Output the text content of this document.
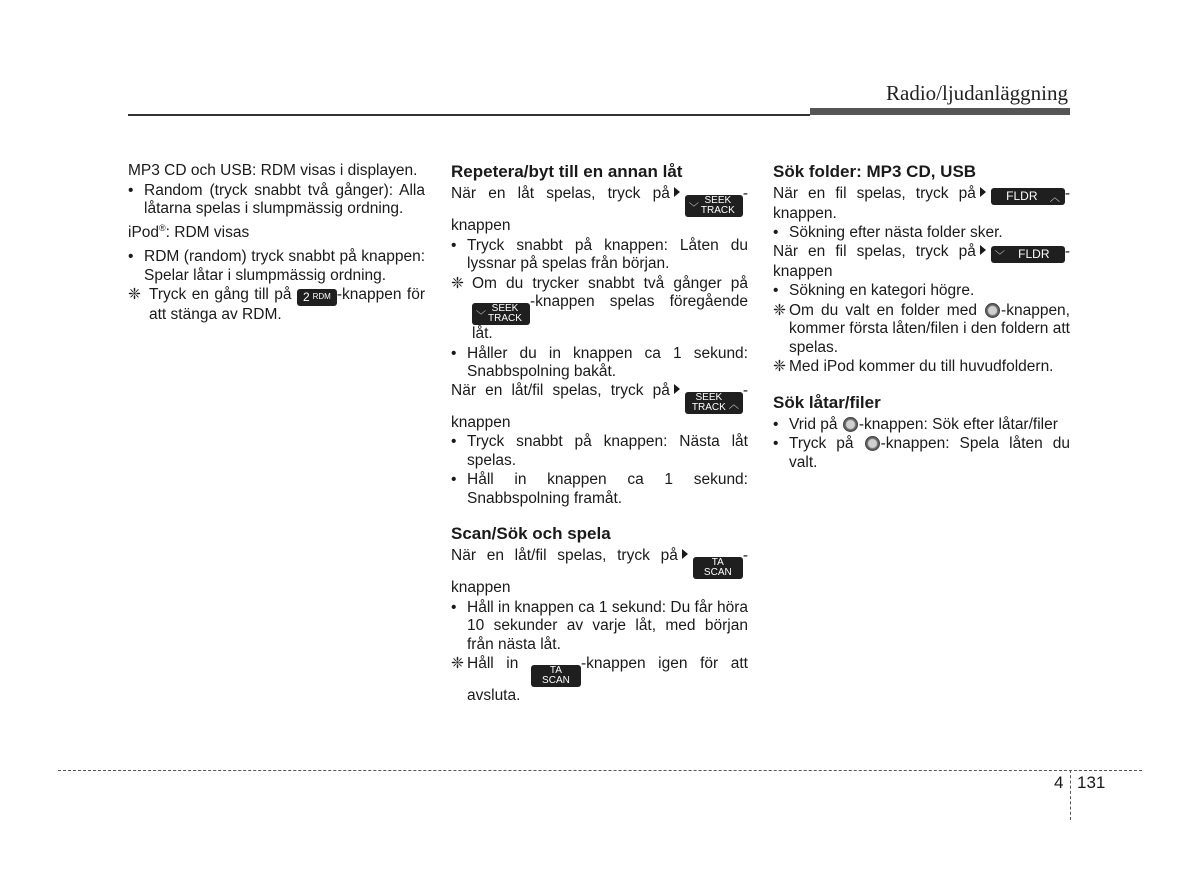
Radio/ljudanläggning

MP3 CD och USB: RDM visas i displayen.

• Random (tryck snabbt två gånger): Alla låtarna spelas i slumpmässig ordning.

iPod®: RDM visas

• RDM (random) tryck snabbt på knappen: Spelar låtar i slumpmässig ordning.
❈ Tryck en gång till på 2 RDM -knappen för att stänga av RDM.
Repetera/byt till en annan låt

När en låt spelas, tryck på
﹀
SEEK
TRACK
-knappen

• Tryck snabbt på knappen: Låten du lyssnar på spelas från början.
❈ Om du trycker snabbt två gånger på
﹀
SEEK
TRACK
-knappen spelas föregående låt.
• Håller du in knappen ca 1 sekund: Snabbspolning bakåt.

När en låt/fil spelas, tryck på	SEEK
TRACK ︿
-knappen

• Tryck snabbt på knappen: Nästa låt spelas.
• Håll in knappen ca 1 sekund: Snabbspolning framåt.
Scan/Sök och spela

När en låt/fil spelas, tryck på	TA
SCAN
-knappen

• Håll in knappen ca 1 sekund: Du får höra 10 sekunder av varje låt, med början från nästa låt.
❈ Håll in	TA
SCAN
-knappen igen för att avsluta.
Sök folder: MP3 CD, USB

När en fil spelas, tryck på	FLDR ︿ -knappen.

• Sökning efter nästa folder sker.

När en fil spelas, tryck på ﹀ FLDR -knappen

• Sökning en kategori högre.
❈ Om du valt en folder med -knappen, kommer första låten/filen i den foldern att spelas.
❈ Med iPod kommer du till huvudfoldern.
Sök låtar/filer
• Vrid på -knappen: Sök efter låtar/filer
• Tryck på -knappen: Spela låten du valt.
4 131
